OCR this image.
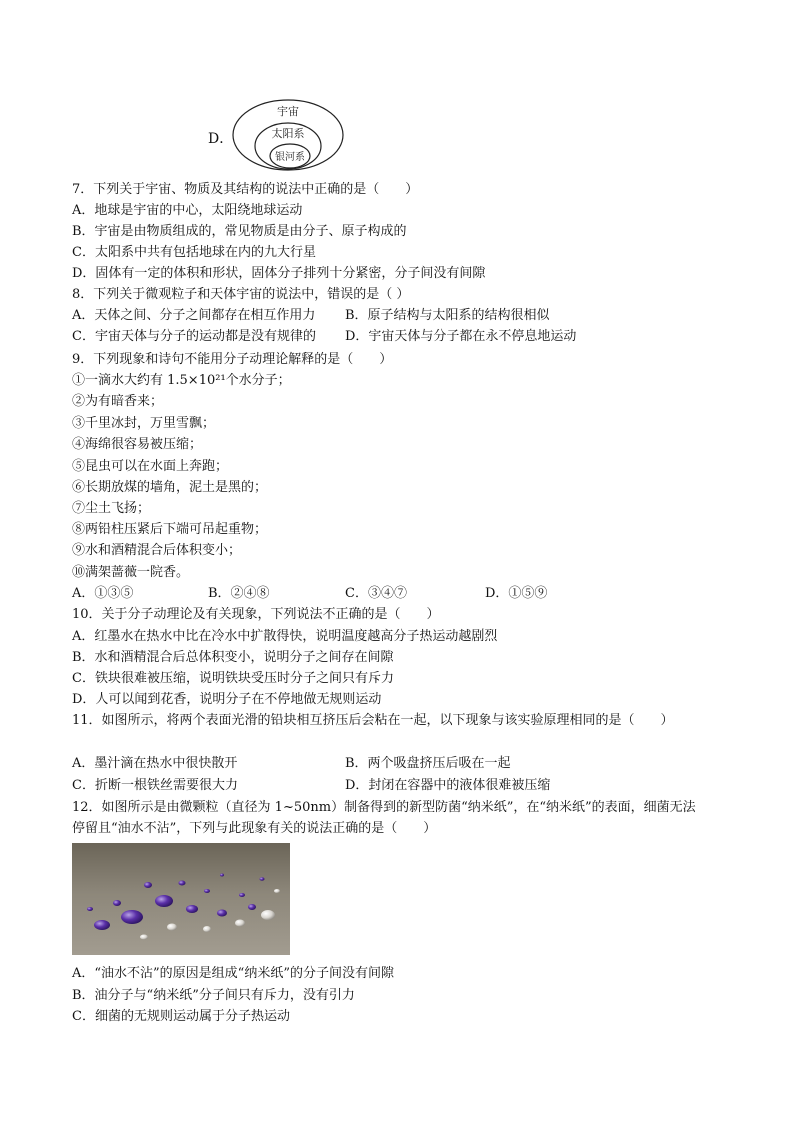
D．
宇宙
太阳系
银河系
7．下列关于宇宙、物质及其结构的说法中正确的是（　　）
A．地球是宇宙的中心，太阳绕地球运动
B．宇宙是由物质组成的，常见物质是由分子、原子构成的
C．太阳系中共有包括地球在内的九大行星
D．固体有一定的体积和形状，固体分子排列十分紧密，分子间没有间隙
8．下列关于微观粒子和天体宇宙的说法中，错误的是（ ）
A．天体之间、分子之间都存在相互作用力 B．原子结构与太阳系的结构很相似
C．宇宙天体与分子的运动都是没有规律的 D．宇宙天体与分子都在永不停息地运动
9．下列现象和诗句不能用分子动理论解释的是（　　）
①一滴水大约有 1.5×10²¹个水分子；
②为有暗香来；
③千里冰封，万里雪飘；
④海绵很容易被压缩；
⑤昆虫可以在水面上奔跑；
⑥长期放煤的墙角，泥土是黑的；
⑦尘土飞扬；
⑧两铅柱压紧后下端可吊起重物；
⑨水和酒精混合后体积变小；
⑩满架蔷薇一院香。
A．①③⑤	B．②④⑧	C．③④⑦	D．①⑤⑨
10．关于分子动理论及有关现象，下列说法不正确的是（　　）
A．红墨水在热水中比在冷水中扩散得快，说明温度越高分子热运动越剧烈
B．水和酒精混合后总体积变小，说明分子之间存在间隙
C．铁块很难被压缩，说明铁块受压时分子之间只有斥力
D．人可以闻到花香，说明分子在不停地做无规则运动
11．如图所示，将两个表面光滑的铅块相互挤压后会粘在一起，以下现象与该实验原理相同的是（　　）
A．墨汁滴在热水中很快散开	B．两个吸盘挤压后吸在一起
C．折断一根铁丝需要很大力	D．封闭在容器中的液体很难被压缩
12．如图所示是由微颗粒（直径为 1~50nm）制备得到的新型防菌“纳米纸”，在“纳米纸”的表面，细菌无法
停留且“油水不沾”，下列与此现象有关的说法正确的是（　　）
A．“油水不沾”的原因是组成“纳米纸”的分子间没有间隙
B．油分子与“纳米纸”分子间只有斥力，没有引力
C．细菌的无规则运动属于分子热运动
